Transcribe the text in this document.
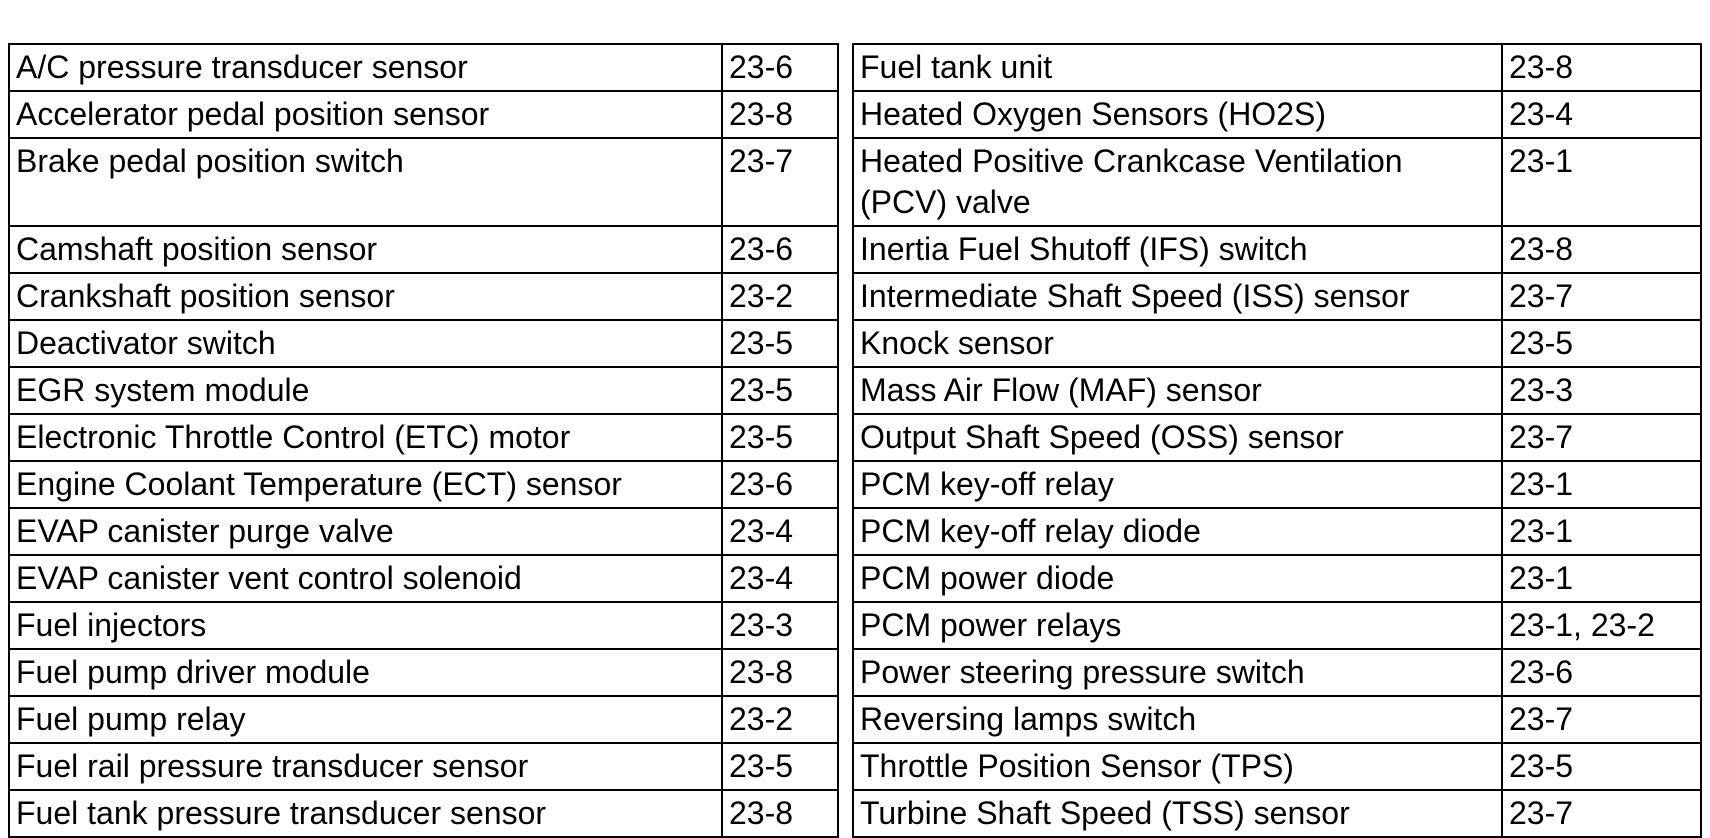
A/C pressure transducer sensor	23-6		Fuel tank unit	23-8
Accelerator pedal position sensor	23-8		Heated Oxygen Sensors (HO2S)	23-4
Brake pedal position switch	23-7		Heated Positive Crankcase Ventilation
(PCV) valve	23-1
Camshaft position sensor	23-6		Inertia Fuel Shutoff (IFS) switch	23-8
Crankshaft position sensor	23-2		Intermediate Shaft Speed (ISS) sensor	23-7
Deactivator switch	23-5		Knock sensor	23-5
EGR system module	23-5		Mass Air Flow (MAF) sensor	23-3
Electronic Throttle Control (ETC) motor	23-5		Output Shaft Speed (OSS) sensor	23-7
Engine Coolant Temperature (ECT) sensor	23-6		PCM key-off relay	23-1
EVAP canister purge valve	23-4		PCM key-off relay diode	23-1
EVAP canister vent control solenoid	23-4		PCM power diode	23-1
Fuel injectors	23-3		PCM power relays	23-1, 23-2
Fuel pump driver module	23-8		Power steering pressure switch	23-6
Fuel pump relay	23-2		Reversing lamps switch	23-7
Fuel rail pressure transducer sensor	23-5		Throttle Position Sensor (TPS)	23-5
Fuel tank pressure transducer sensor	23-8		Turbine Shaft Speed (TSS) sensor	23-7
